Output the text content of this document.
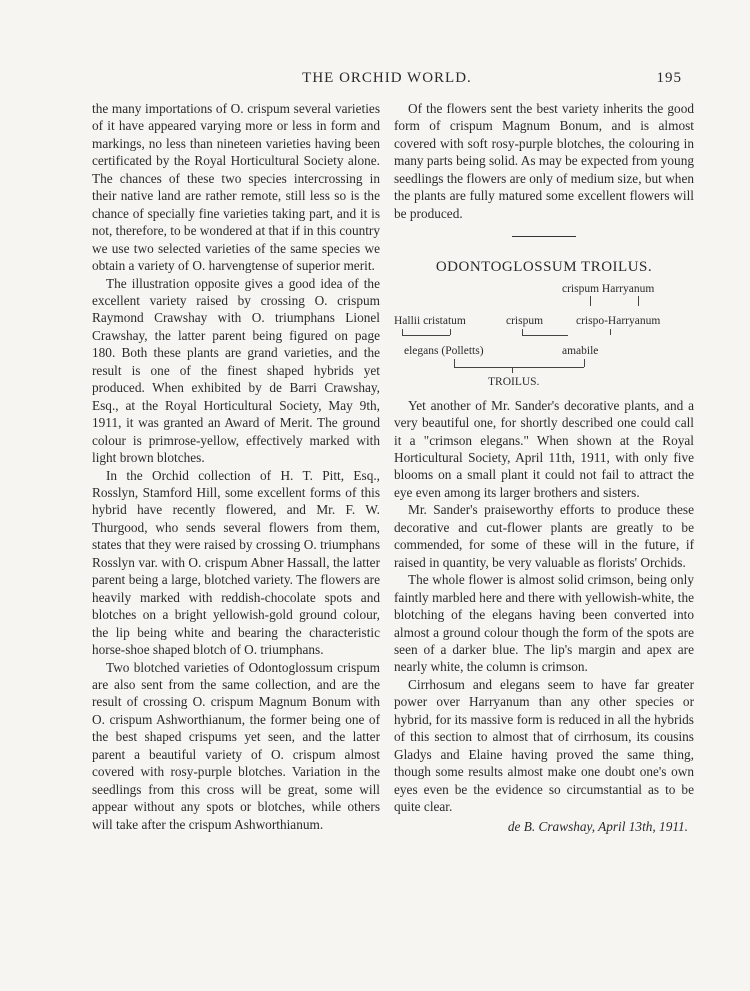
THE ORCHID WORLD.	195

the many importations of O. crispum several varieties of it have appeared varying more or less in form and markings, no less than nineteen varieties having been certificated by the Royal Horticultural Society alone. The chances of these two species intercrossing in their native land are rather remote, still less so is the chance of specially fine varieties taking part, and it is not, therefore, to be wondered at that if in this country we use two selected varieties of the same species we obtain a variety of O. harvengtense of superior merit.

The illustration opposite gives a good idea of the excellent variety raised by crossing O. crispum Raymond Crawshay with O. triumphans Lionel Crawshay, the latter parent being figured on page 180. Both these plants are grand varieties, and the result is one of the finest shaped hybrids yet produced. When exhibited by de Barri Crawshay, Esq., at the Royal Horticultural Society, May 9th, 1911, it was granted an Award of Merit. The ground colour is primrose-yellow, effectively marked with light brown blotches.

In the Orchid collection of H. T. Pitt, Esq., Rosslyn, Stamford Hill, some excellent forms of this hybrid have recently flowered, and Mr. F. W. Thurgood, who sends several flowers from them, states that they were raised by crossing O. triumphans Rosslyn var. with O. crispum Abner Hassall, the latter parent being a large, blotched variety. The flowers are heavily marked with reddish-chocolate spots and blotches on a bright yellowish-gold ground colour, the lip being white and bearing the characteristic horse-shoe shaped blotch of O. triumphans.

Two blotched varieties of Odontoglossum crispum are also sent from the same collection, and are the result of crossing O. crispum Magnum Bonum with O. crispum Ashworthianum, the former being one of the best shaped crispums yet seen, and the latter parent a beautiful variety of O. crispum almost covered with rosy-purple blotches. Variation in the seedlings from this cross will be great, some will appear without any spots or blotches, while others will take after the crispum Ashworthianum.

Of the flowers sent the best variety inherits the good form of crispum Magnum Bonum, and is almost covered with soft rosy-purple blotches, the colouring in many parts being solid. As may be expected from young seedlings the flowers are only of medium size, but when the plants are fully matured some excellent flowers will be produced.

ODONTOGLOSSUM TROILUS.
crispum Harryanum
Hallii cristatum	crispum	crispo-Harryanum
elegans (Polletts)	amabile
TROILUS.

Yet another of Mr. Sander's decorative plants, and a very beautiful one, for shortly described one could call it a "crimson elegans." When shown at the Royal Horticultural Society, April 11th, 1911, with only five blooms on a small plant it could not fail to attract the eye even among its larger brothers and sisters.

Mr. Sander's praiseworthy efforts to produce these decorative and cut-flower plants are greatly to be commended, for some of these will in the future, if raised in quantity, be very valuable as florists' Orchids.

The whole flower is almost solid crimson, being only faintly marbled here and there with yellowish-white, the blotching of the elegans having been converted into almost a ground colour though the form of the spots are seen of a darker blue. The lip's margin and apex are nearly white, the column is crimson.

Cirrhosum and elegans seem to have far greater power over Harryanum than any other species or hybrid, for its massive form is reduced in all the hybrids of this section to almost that of cirrhosum, its cousins Gladys and Elaine having proved the same thing, though some results almost make one doubt one's own eyes even be the evidence so circumstantial as to be quite clear.

de B. Crawshay, April 13th, 1911.
